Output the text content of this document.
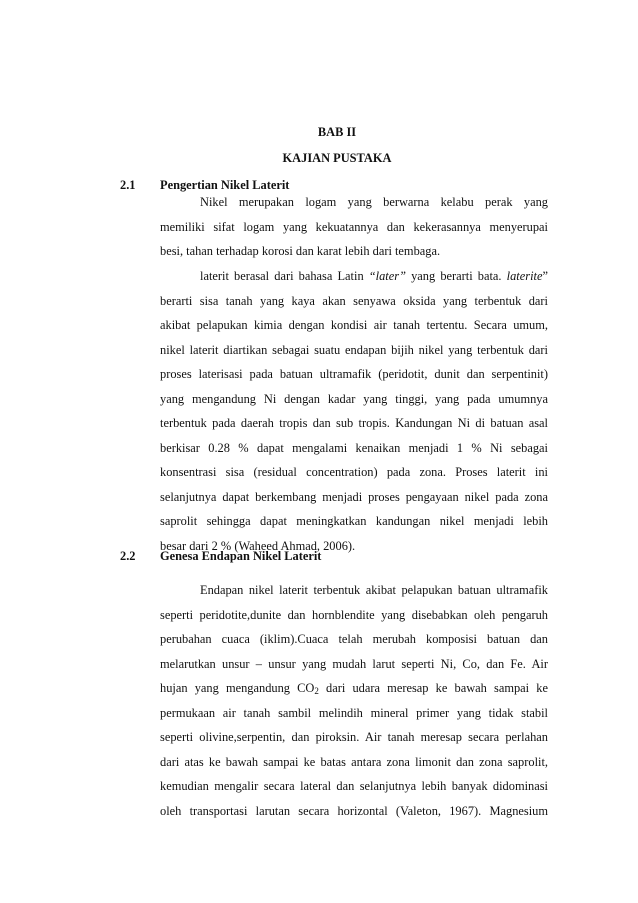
BAB II
KAJIAN PUSTAKA
2.1 Pengertian Nikel Laterit
Nikel merupakan logam yang berwarna kelabu perak yang
memiliki sifat logam yang kekuatannya dan kekerasannya menyerupai
besi, tahan terhadap korosi dan karat lebih dari tembaga.
laterit berasal dari bahasa Latin “later” yang berarti bata. laterite”
berarti sisa tanah yang kaya akan senyawa oksida yang terbentuk dari
akibat pelapukan kimia dengan kondisi air tanah tertentu. Secara umum,
nikel laterit diartikan sebagai suatu endapan bijih nikel yang terbentuk dari
proses laterisasi pada batuan ultramafik (peridotit, dunit dan serpentinit)
yang mengandung Ni dengan kadar yang tinggi, yang pada umumnya
terbentuk pada daerah tropis dan sub tropis. Kandungan Ni di batuan asal
berkisar 0.28 % dapat mengalami kenaikan menjadi 1 % Ni sebagai
konsentrasi sisa (residual concentration) pada zona. Proses laterit ini
selanjutnya dapat berkembang menjadi proses pengayaan nikel pada zona
saprolit sehingga dapat meningkatkan kandungan nikel menjadi lebih
besar dari 2 % (Waheed Ahmad, 2006).
2.2 Genesa Endapan Nikel Laterit
Endapan nikel laterit terbentuk akibat pelapukan batuan ultramafik
seperti peridotite,dunite dan hornblendite yang disebabkan oleh pengaruh
perubahan cuaca (iklim).Cuaca telah merubah komposisi batuan dan
melarutkan unsur – unsur yang mudah larut seperti Ni, Co, dan Fe. Air
hujan yang mengandung $CO_2$ dari udara meresap ke bawah sampai ke
permukaan air tanah sambil melindih mineral primer yang tidak stabil
seperti olivine,serpentin, dan piroksin. Air tanah meresap secara perlahan
dari atas ke bawah sampai ke batas antara zona limonit dan zona saprolit,
kemudian mengalir secara lateral dan selanjutnya lebih banyak didominasi
oleh transportasi larutan secara horizontal (Valeton, 1967). Magnesium
